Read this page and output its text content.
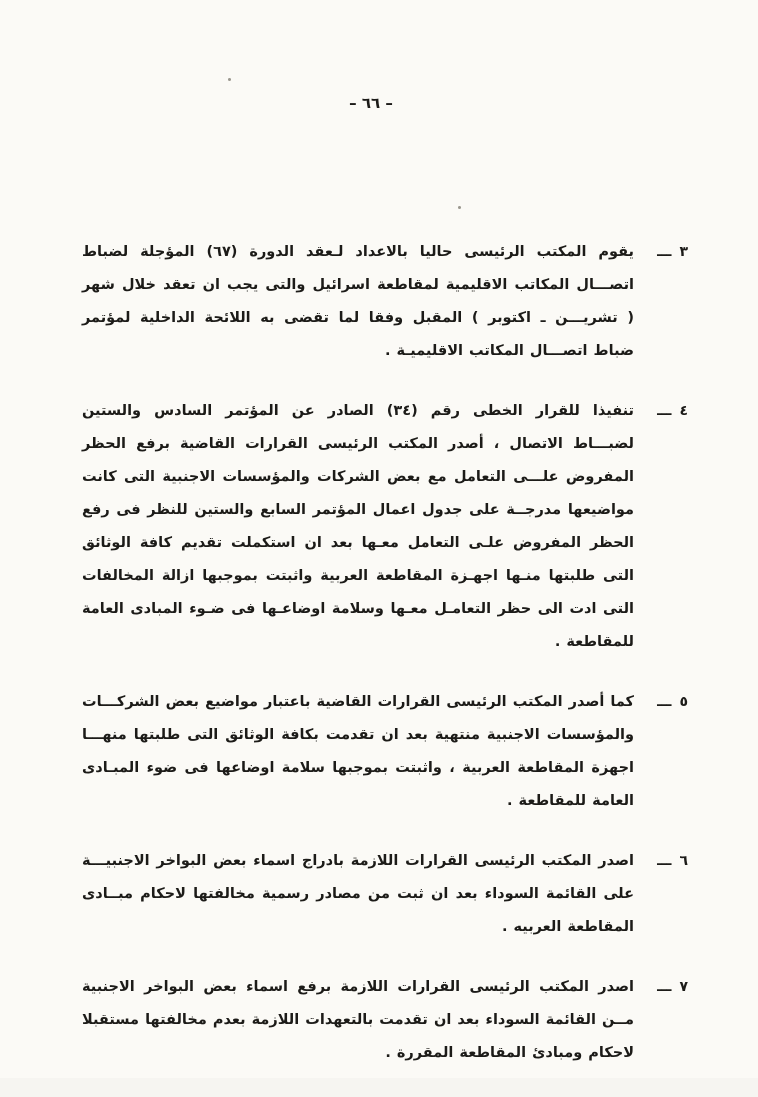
– ٦٦ –
٣
ـــ
يقوم المكتب الرئيسى حاليا بالاعداد لـعقد الدورة (٦٧) المؤجلة لضباط اتصـــال المكاتب الاقليمية لمقاطعة اسرائيل والتى يجب ان تعقد خلال شهر ( تشريـــن ـ اكتوبر ) المقبل وفقا لما تقضى به اللائحة الداخلية لمؤتمر ضباط اتصـــال المكاتب الاقليميـة .
٤
ـــ
تنفيذا للقرار الخطى رقم (٣٤) الصادر عن المؤتمر السادس والستين لضبـــاط الاتصال ، أصدر المكتب الرئيسى القرارات القاضية برفع الحظر المفروض علـــى التعامل مع بعض الشركات والمؤسسات الاجنبية التى كانت مواضيعها مدرجــة على جدول اعمال المؤتمر السابع والستين للنظر فى رفع الحظر المفروض علـى التعامل معـها بعد ان استكملت تقديم كافة الوثائق التى طلبتها منـها اجهـزة المقاطعة العربية واثبتت بموجبها ازالة المخالفات التى ادت الى حظر التعامـل معـها وسلامة اوضاعـها فى ضـوء المبادى العامة للمقاطعة .
٥
ـــ
كما أصدر المكتب الرئيسى القرارات القاضية باعتبار مواضيع بعض الشركـــات والمؤسسات الاجنبية منتهية بعد ان تقدمت بكافة الوثائق التى طلبتها منهـــا اجهزة المقاطعة العربية ، واثبتت بموجبها سلامة اوضاعها فى ضوء المبـادى العامة للمقاطعة .
٦
ـــ
اصدر المكتب الرئيسى القرارات اللازمة بادراج اسماء بعض البواخر الاجنبيـــة على القائمة السوداء بعد ان ثبت من مصادر رسمية مخالفتها لاحكام مبــادى المقاطعة العربيه .
٧
ـــ
اصدر المكتب الرئيسى القرارات اللازمة برفع اسماء بعض البواخر الاجنبية مــن القائمة السوداء بعد ان تقدمت بالتعهدات اللازمة بعدم مخالفتها مستقبلا لاحكام ومبادئ المقاطعة المقررة .
